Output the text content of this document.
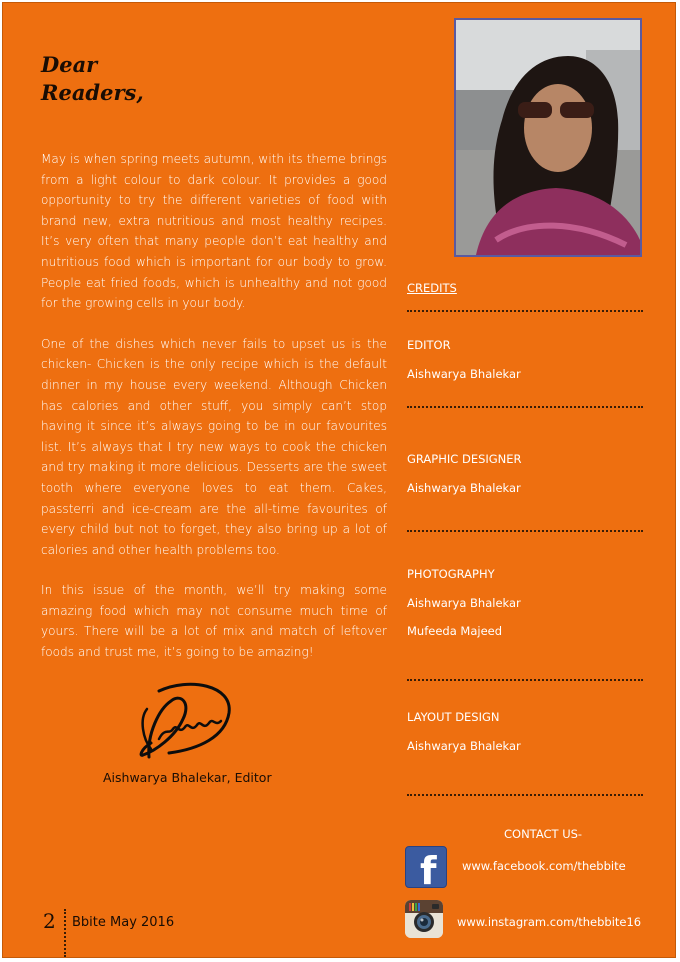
Dear
Readers,

May is when spring meets autumn, with its theme brings from a light colour to dark colour. It provides a good opportunity to try the different varieties of food with brand new, extra nutritious and most healthy recipes. It’s very often that many people don’t eat healthy and nutritious food which is important for our body to grow. People eat fried foods, which is unhealthy and not good for the growing cells in your body.

One of the dishes which never fails to upset us is the chicken- Chicken is the only recipe which is the default dinner in my house every weekend. Although Chicken has calories and other stuff, you simply can’t stop having it since it’s always going to be in our favourites list. It’s always that I try new ways to cook the chicken and try making it more delicious. Desserts are the sweet tooth where everyone loves to eat them. Cakes, passterri and ice-cream are the all-time favourites of every child but not to forget, they also bring up a lot of calories and other health problems too.

In this issue of the month, we’ll try making some amazing food which may not consume much time of yours. There will be a lot of mix and match of leftover foods and trust me, it’s going to be amazing!

Aishwarya Bhalekar, Editor
CREDITS
EDITOR
Aishwarya Bhalekar
GRAPHIC DESIGNER
Aishwarya Bhalekar
PHOTOGRAPHY
Aishwarya Bhalekar
Mufeeda Majeed
LAYOUT DESIGN
Aishwarya Bhalekar
CONTACT US-
f www.facebook.com/thebbite
www.instagram.com/thebbite16
2 Bbite May 2016
